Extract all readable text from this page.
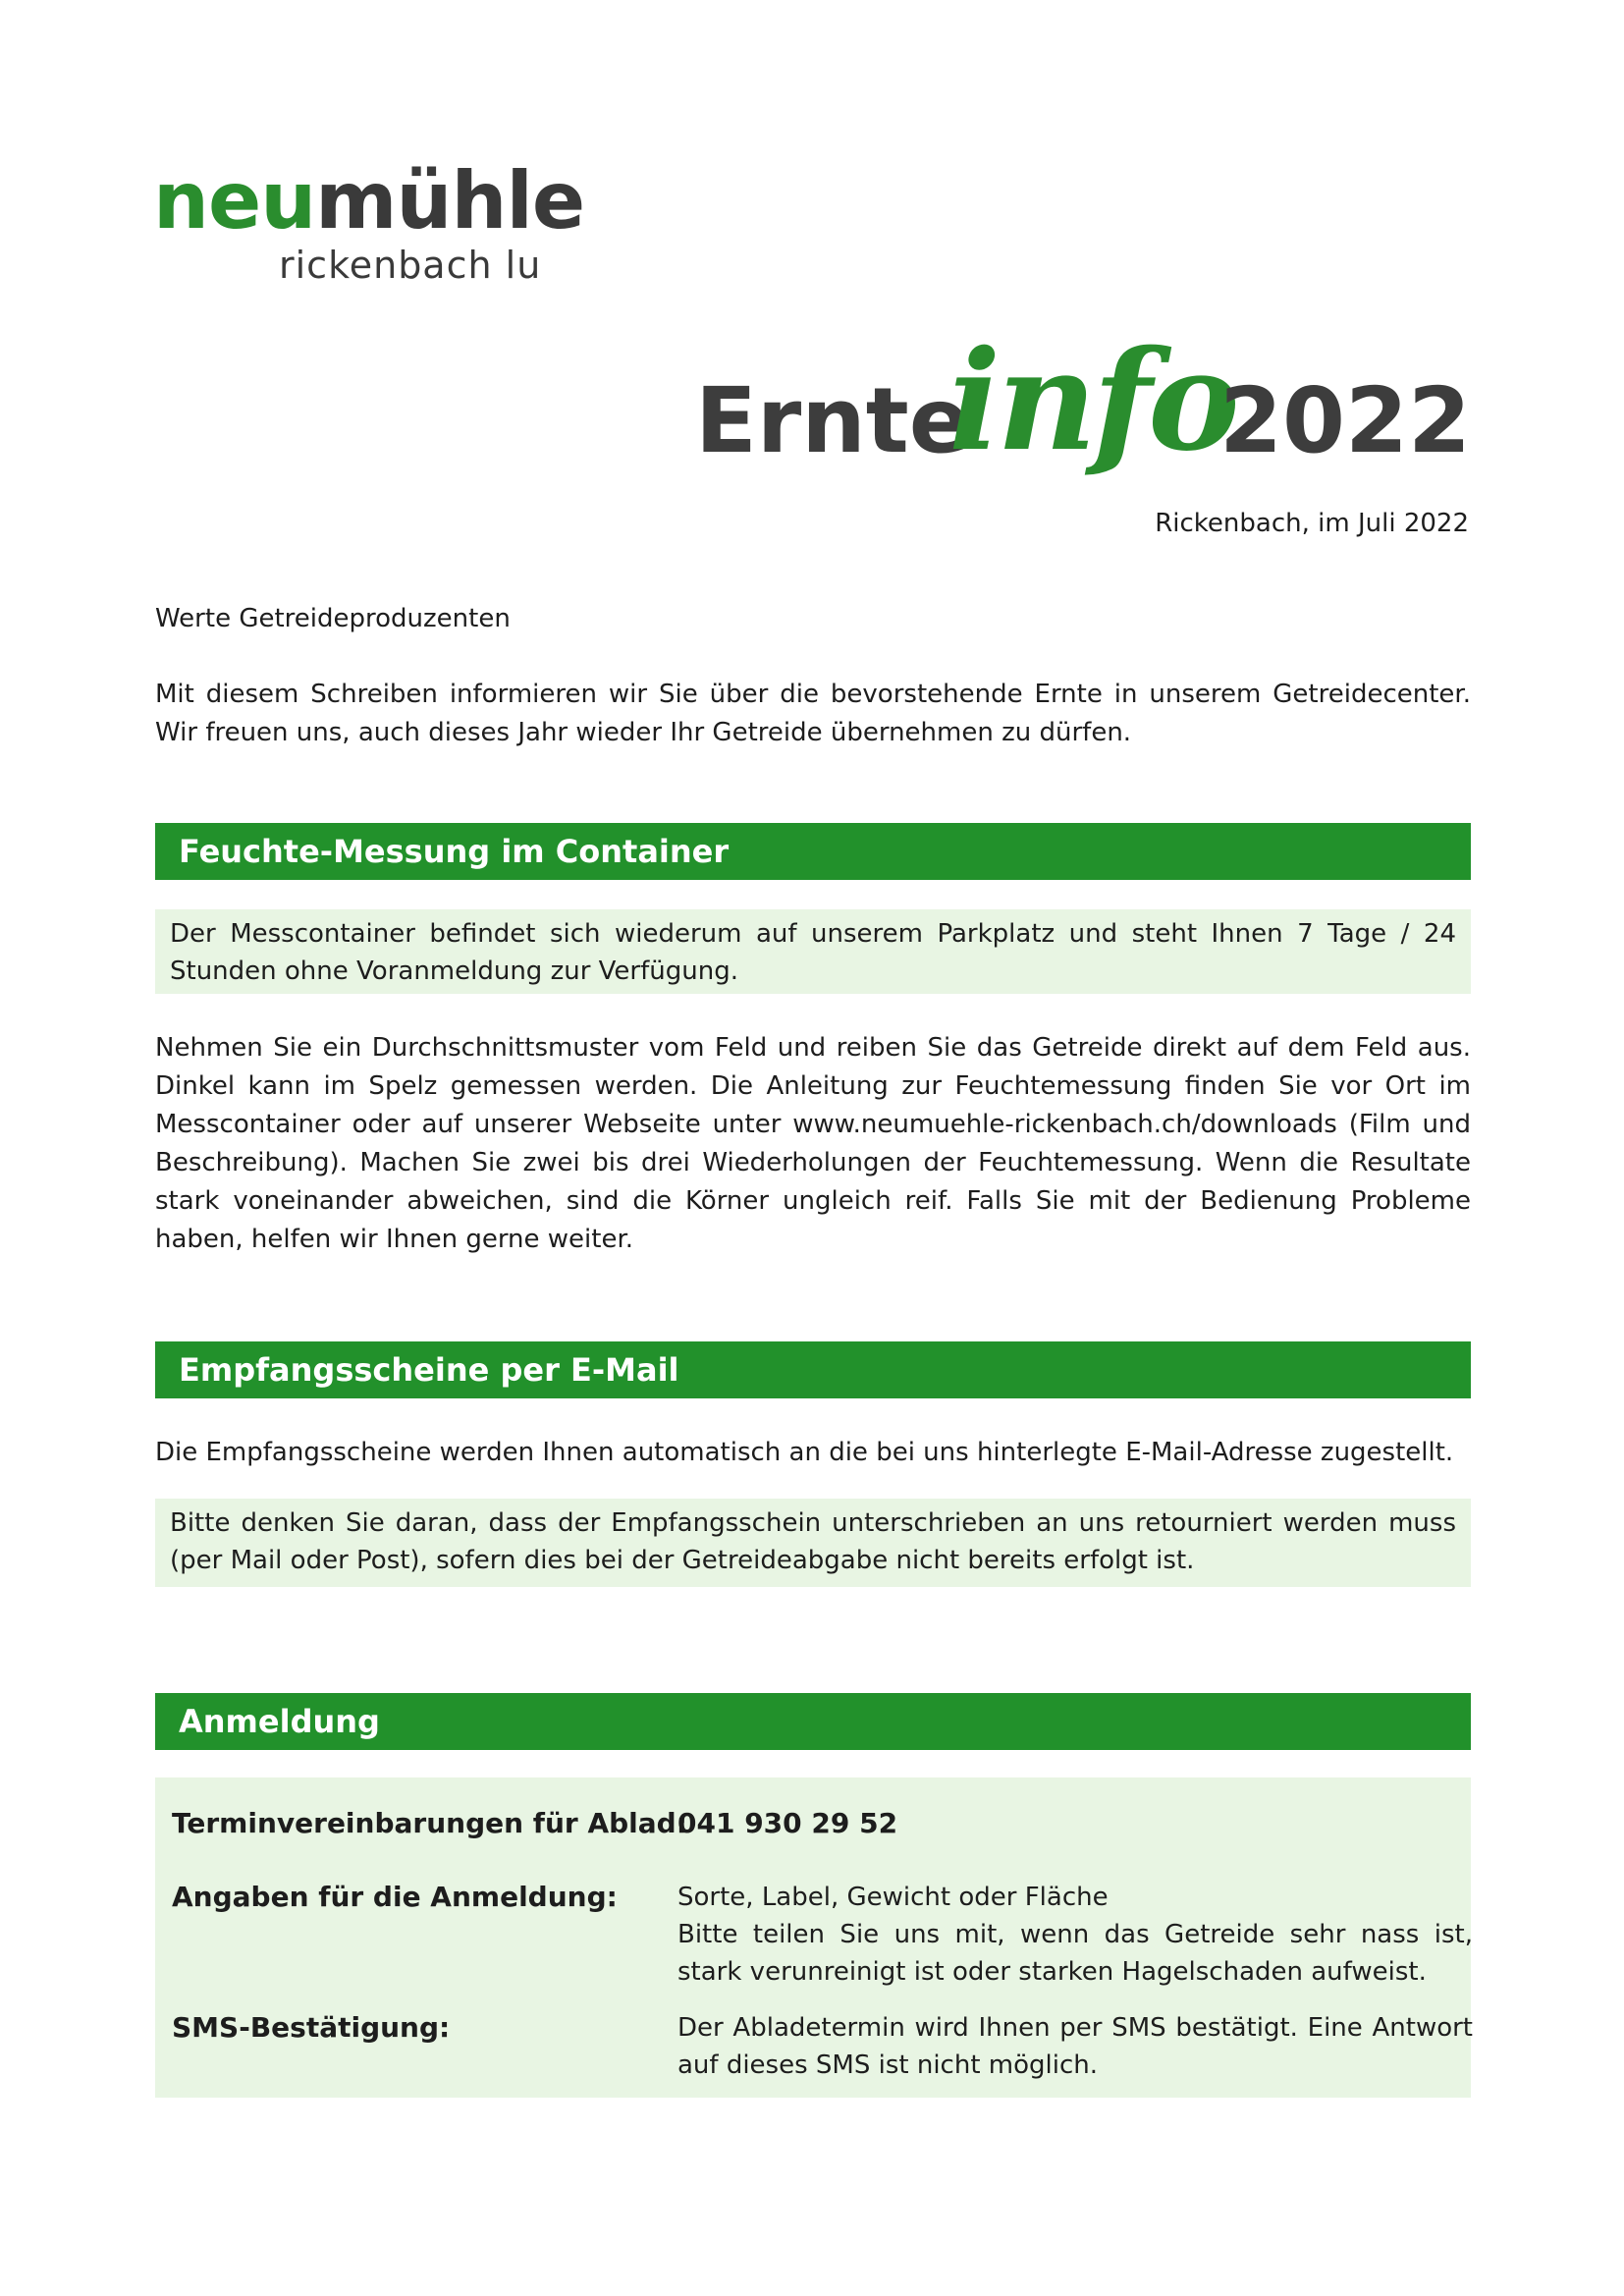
neumühle
rickenbach lu
Ernte
info
2022
Rickenbach, im Juli 2022
Werte Getreideproduzenten
Mit diesem Schreiben informieren wir Sie über die bevorstehende Ernte in unserem Getreidecenter. Wir freuen uns, auch dieses Jahr wieder Ihr Getreide übernehmen zu dürfen.
Feuchte-Messung im Container
Der Messcontainer befindet sich wiederum auf unserem Parkplatz und steht Ihnen 7 Tage / 24 Stunden ohne Voranmeldung zur Verfügung.
Nehmen Sie ein Durchschnittsmuster vom Feld und reiben Sie das Getreide direkt auf dem Feld aus. Dinkel kann im Spelz gemessen werden. Die Anleitung zur Feuchtemessung finden Sie vor Ort im Messcontainer oder auf unserer Webseite unter www.neumuehle-rickenbach.ch/downloads (Film und Beschreibung). Machen Sie zwei bis drei Wiederholungen der Feuchtemessung. Wenn die Resultate stark voneinander abweichen, sind die Körner ungleich reif. Falls Sie mit der Bedienung Probleme haben, helfen wir Ihnen gerne weiter.
Empfangsscheine per E-Mail
Die Empfangsscheine werden Ihnen automatisch an die bei uns hinterlegte E-Mail-Adresse zugestellt.
Bitte denken Sie daran, dass der Empfangsschein unterschrieben an uns retourniert werden muss (per Mail oder Post), sofern dies bei der Getreideabgabe nicht bereits erfolgt ist.
Anmeldung
Terminvereinbarungen für Ablad:
041 930 29 52
Angaben für die Anmeldung:	Sorte, Label, Gewicht oder Fläche
Bitte teilen Sie uns mit, wenn das Getreide sehr nass ist, stark verunreinigt ist oder starken Hagelschaden aufweist.
SMS-Bestätigung:	Der Abladetermin wird Ihnen per SMS bestätigt. Eine Antwort auf dieses SMS ist nicht möglich.
